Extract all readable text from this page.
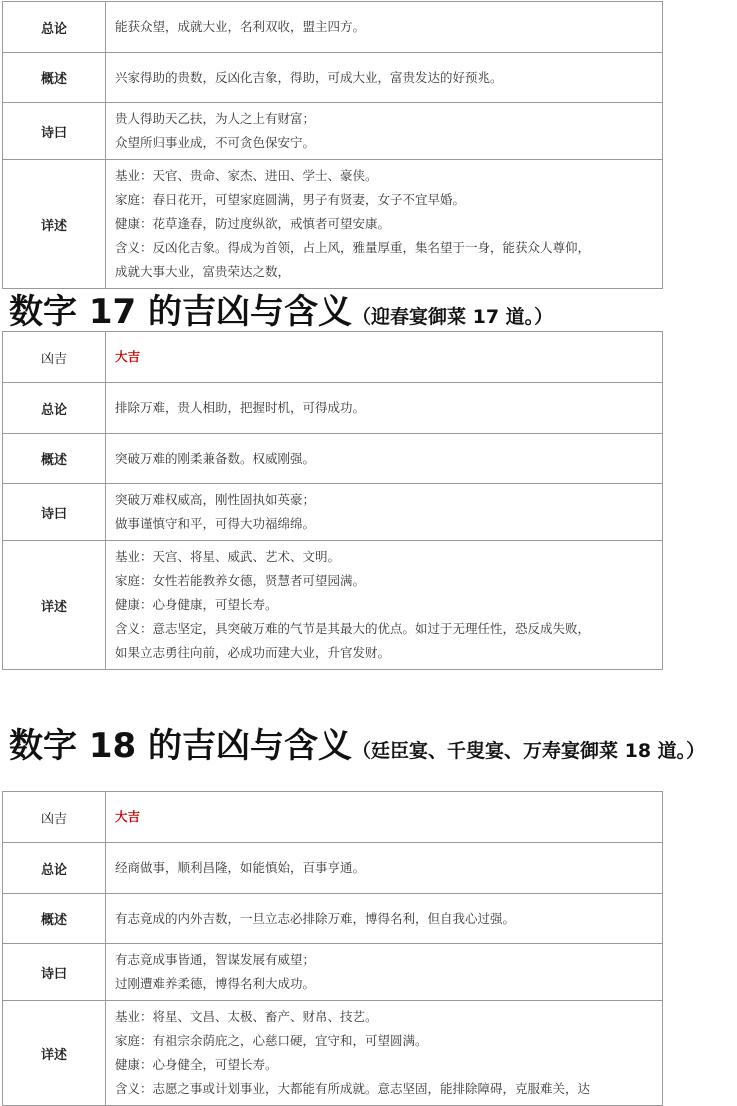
总论	能获众望，成就大业，名利双收，盟主四方。

概述	兴家得助的贵数，反凶化吉象，得助，可成大业，富贵发达的好预兆。

诗曰	贵人得助天乙扶，为人之上有财富；
众望所归事业成，不可贪色保安宁。

详述	基业：天官、贵命、家杰、进田、学士、豪侠。
家庭：春日花开，可望家庭圆满，男子有贤妻，女子不宜早婚。
健康：花草逢春，防过度纵欲，戒慎者可望安康。
含义：反凶化吉象。得成为首领，占上风，雅量厚重，集名望于一身，能获众人尊仰，
成就大事大业，富贵荣达之数，
数字 17 的吉凶与含义（迎春宴御菜 17 道。）
凶吉	大吉

总论	排除万难，贵人相助，把握时机，可得成功。

概述	突破万难的刚柔兼备数。权威刚强。

诗曰	突破万难权威高，刚性固执如英豪；
做事谨慎守和平，可得大功福绵绵。

详述	基业：天宫、将星、威武、艺术、文明。
家庭：女性若能教养女德，贤慧者可望园满。
健康：心身健康，可望长寿。
含义：意志坚定，具突破万难的气节是其最大的优点。如过于无理任性，恐反成失败，
如果立志勇往向前，必成功而建大业，升官发财。
数字 18 的吉凶与含义（廷臣宴、千叟宴、万寿宴御菜 18 道。）
凶吉	大吉

总论	经商做事，顺利昌隆，如能慎始，百事亨通。

概述	有志竟成的内外吉数，一旦立志必排除万难，博得名利，但自我心过强。

诗曰	有志竟成事皆通，智谋发展有威望；
过刚遭难养柔德，博得名利大成功。

详述	基业：将星、文昌、太极、畜产、财帛、技艺。
家庭：有祖宗余荫庇之，心慈口硬，宜守和，可望圆满。
健康：心身健全，可望长寿。
含义：志愿之事或计划事业，大都能有所成就。意志坚固，能排除障碍，克服难关，达
